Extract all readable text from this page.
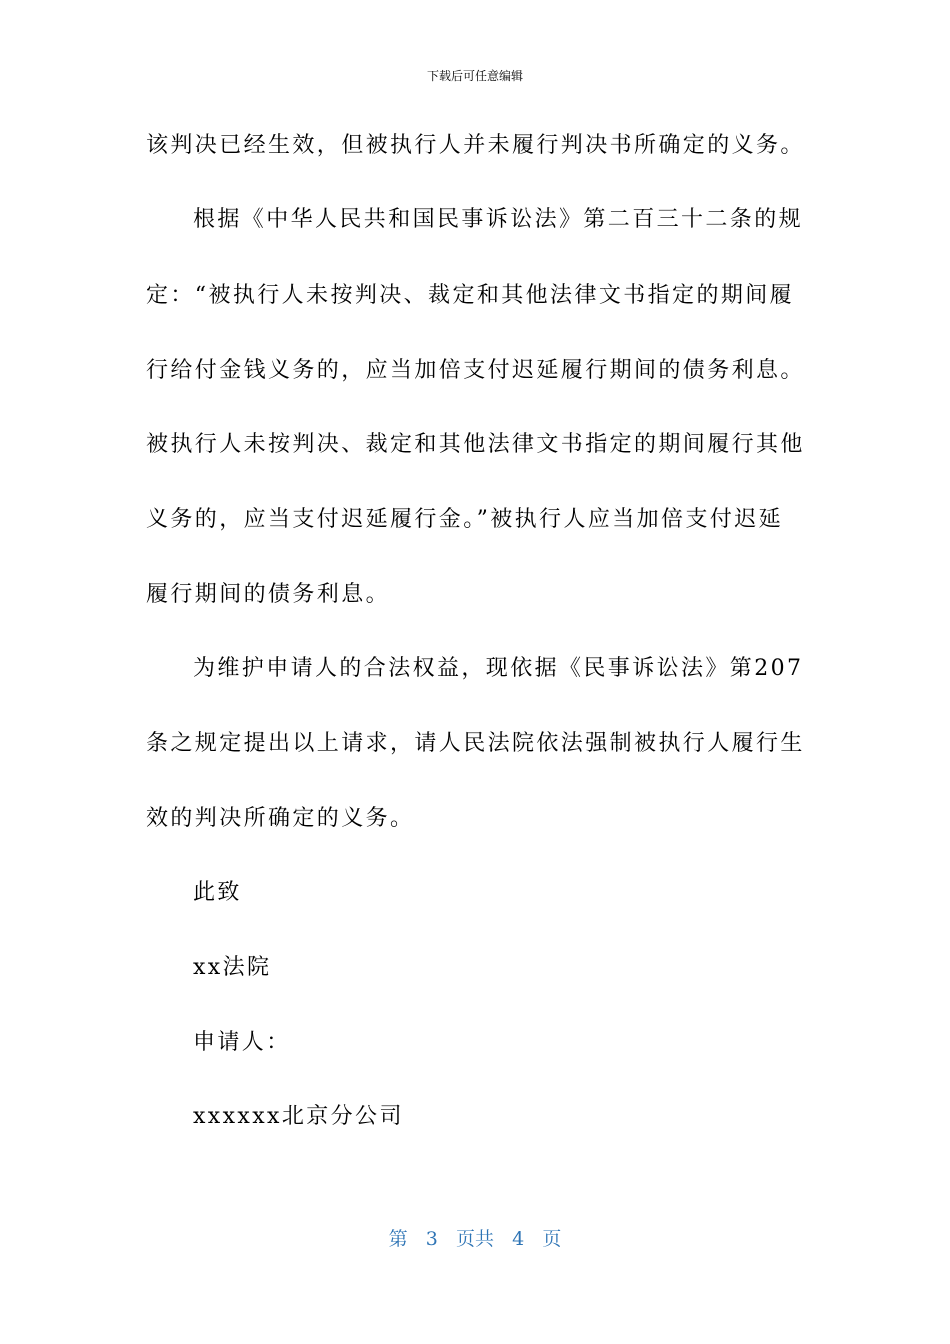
下载后可任意编辑
该判决已经生效，但被执行人并未履行判决书所确定的义务。
根据《中华人民共和国民事诉讼法》第二百三十二条的规
定：“被执行人未按判决、裁定和其他法律文书指定的期间履
行给付金钱义务的，应当加倍支付迟延履行期间的债务利息。
被执行人未按判决、裁定和其他法律文书指定的期间履行其他
义务的，应当支付迟延履行金。”被执行人应当加倍支付迟延
履行期间的债务利息。
为维护申请人的合法权益，现依据《民事诉讼法》第207
条之规定提出以上请求，请人民法院依法强制被执行人履行生
效的判决所确定的义务。
此致
xx法院
申请人：
xxxxxx北京分公司
第 3 页共 4 页
